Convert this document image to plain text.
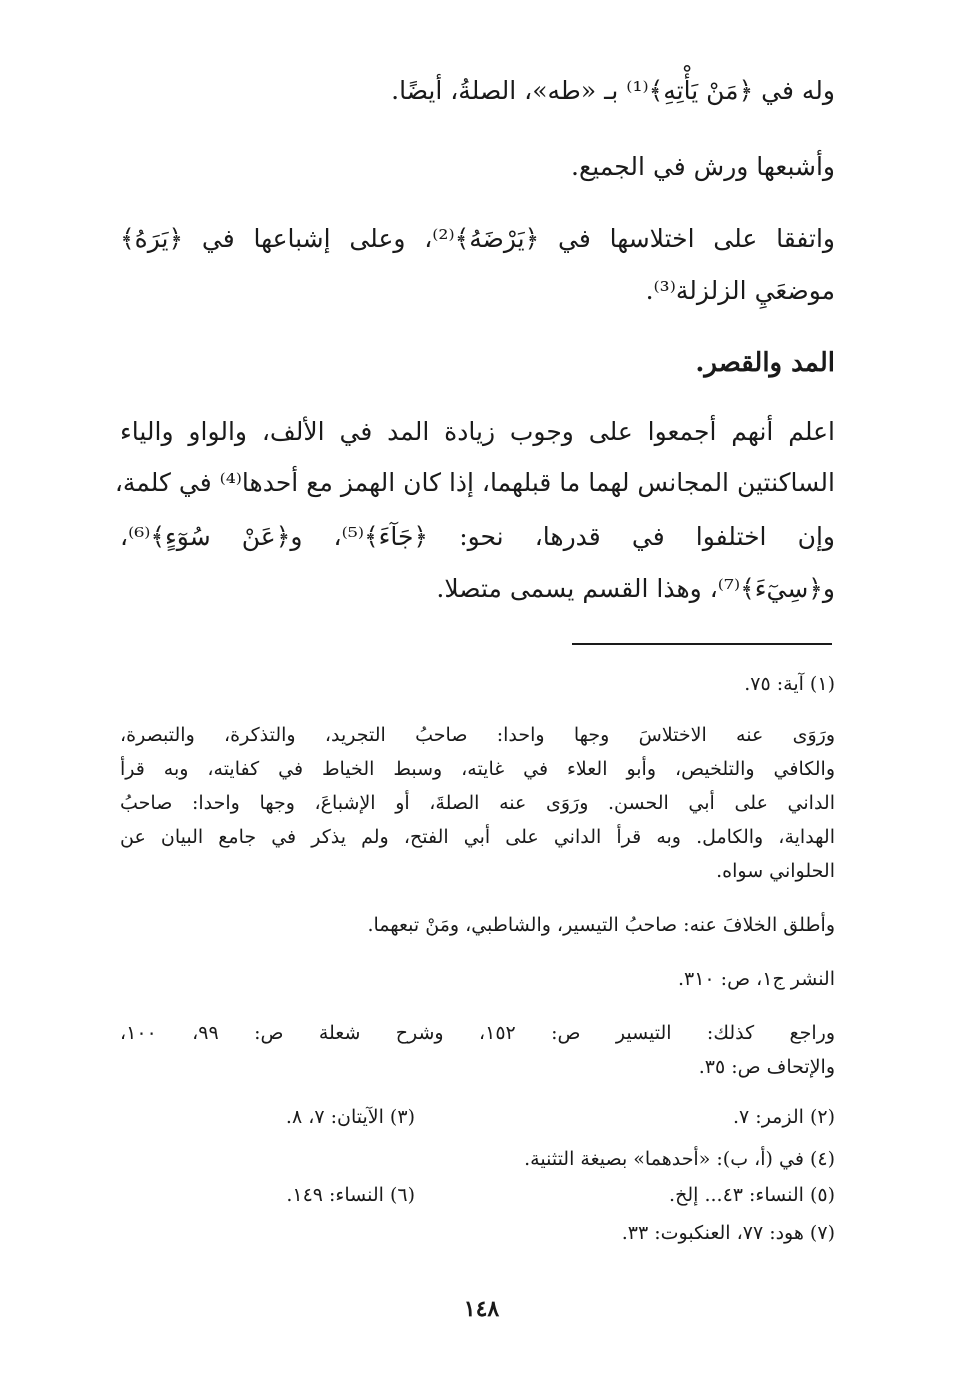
وله في ﴿مَنْ يَأْتِهِ﴾⁽¹⁾ بـ «طه»، الصلةُ، أيضًا.
وأشبعها ورش في الجميع.
واتفقا على اختلاسها في ﴿يَرْضَهُ﴾⁽²⁾، وعلى إشباعها في ﴿يَرَهُ﴾
موضعَيِ الزلزلة⁽³⁾.
المد والقصر.
اعلم أنهم أجمعوا على وجوب زيادة المد في الألف، والواو والياء
الساكنتين المجانس لهما ما قبلهما، إذا كان الهمز مع أحدها⁽⁴⁾ في كلمة،
وإن اختلفوا في قدرها، نحو: ﴿جَآءَ﴾⁽⁵⁾، و﴿عَنْ سُوٓءٍ﴾⁽⁶⁾،
و﴿سِيٓءَ﴾⁽⁷⁾، وهذا القسم يسمى متصلا.
(١) آية: ٧٥.
ورَوَى عنه الاختلاسَ وجها واحدا: صاحبُ التجريد، والتذكرة، والتبصرة،
والكافي والتلخيص، وأبو العلاء في غايته، وسبط الخياط في كفايته، وبه قرأ
الداني على أبي الحسن. ورَوَى عنه الصلةَ، أو الإشباعَ، وجها واحدا: صاحبُ
الهداية، والكامل. وبه قرأ الداني على أبي الفتح، ولم يذكر في جامع البيان عن
الحلواني سواه.
وأطلق الخلافَ عنه: صاحبُ التيسير، والشاطبي، ومَنْ تبعهما.
النشر ج١، ص: ٣١٠.
وراجع كذلك: التيسير ص: ١٥٢، وشرح شعلة ص: ٩٩، ١٠٠،
والإتحاف ص: ٣٥.
(٢) الزمر: ٧.
(٣) الآيتان: ٧، ٨.
(٤) في (أ، ب): «أحدهما» بصيغة التثنية.
(٥) النساء: ٤٣... إلخ.
(٦) النساء: ١٤٩.
(٧) هود: ٧٧، العنكبوت: ٣٣.
١٤٨
